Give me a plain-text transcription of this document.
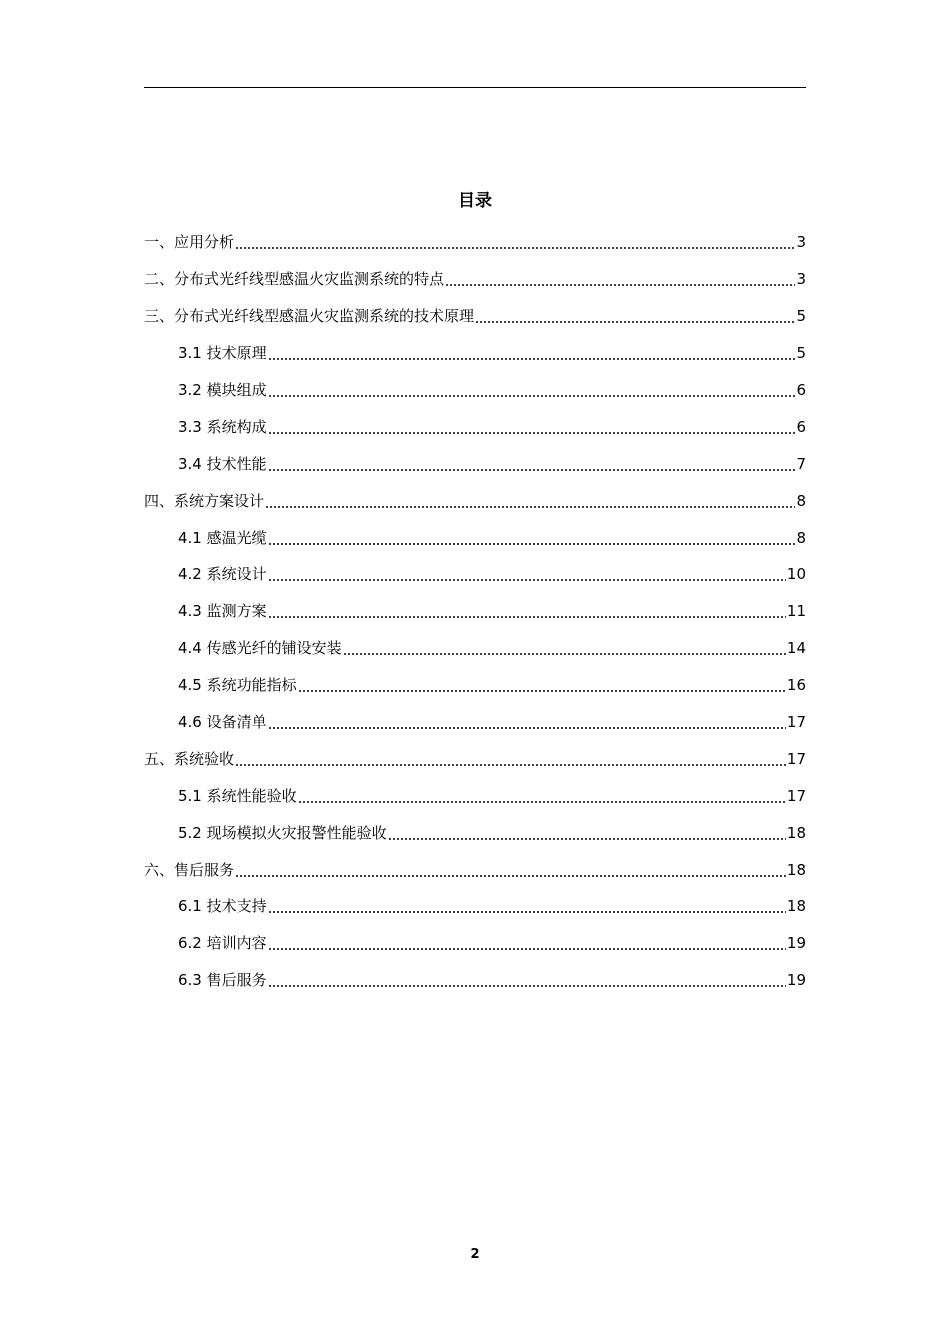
目录
一、应用分析	3
二、分布式光纤线型感温火灾监测系统的特点	3
三、分布式光纤线型感温火灾监测系统的技术原理	5
3.1 技术原理	5
3.2 模块组成	6
3.3 系统构成	6
3.4 技术性能	7
四、系统方案设计	8
4.1 感温光缆	8
4.2 系统设计	10
4.3 监测方案	11
4.4 传感光纤的铺设安装	14
4.5 系统功能指标	16
4.6 设备清单	17
五、系统验收	17
5.1 系统性能验收	17
5.2 现场模拟火灾报警性能验收	18
六、售后服务	18
6.1 技术支持	18
6.2 培训内容	19
6.3 售后服务	19
2
